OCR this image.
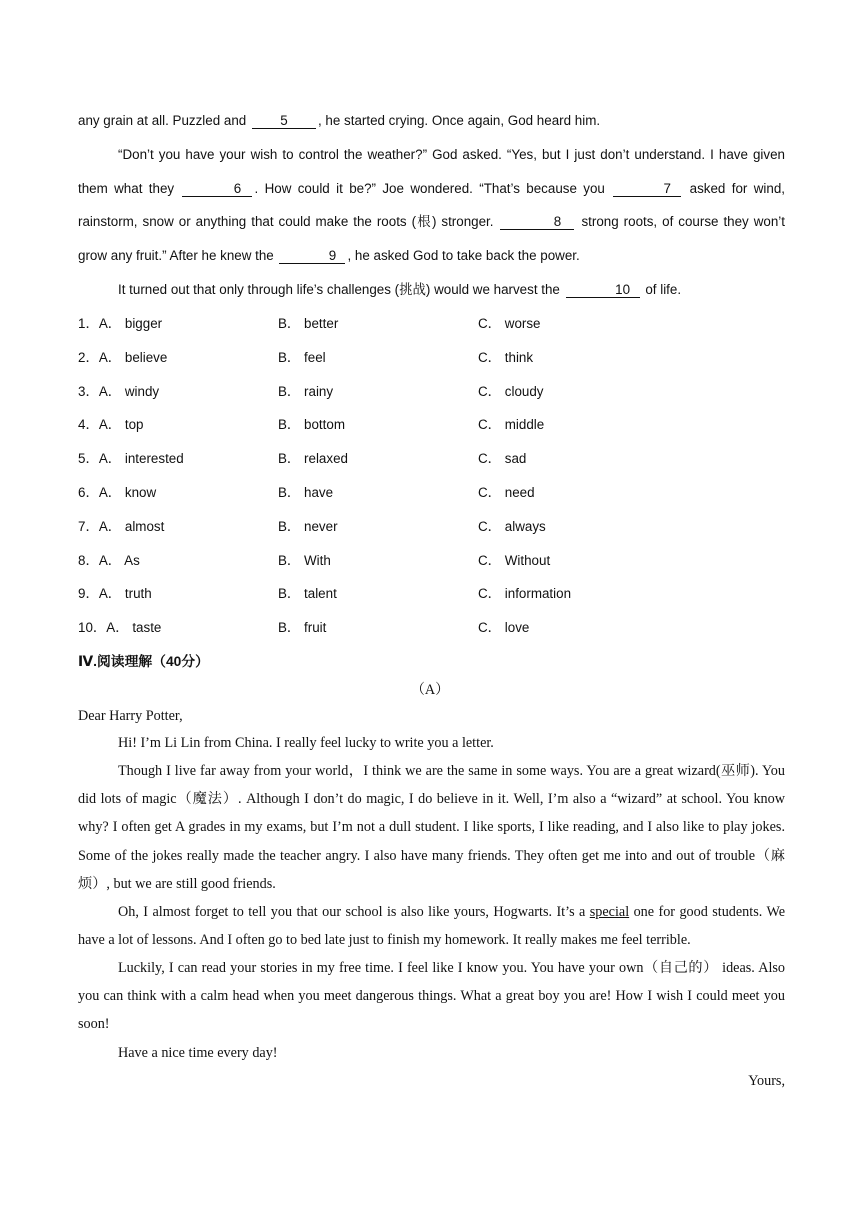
any grain at all. Puzzled and 5 , he started crying. Once again, God heard him.

“Don’t you have your wish to control the weather?” God asked. “Yes, but I just don’t understand. I have given them what they	6 . How could it be?” Joe wondered. “That’s because you	7 asked for wind, rainstorm, snow or anything that could make the roots (根) stronger.	8 strong roots, of course they won’t grow any fruit.” After he knew the	9 , he asked God to take back the power.

It turned out that only through life’s challenges (挑战) would we harvest the	10 of life.

1．A． bigger	B． better	C． worse
2．A． believe	B． feel	C． think
3．A． windy	B． rainy	C． cloudy
4．A． top	B． bottom	C． middle
5．A． interested	B． relaxed	C． sad
6．A． know	B． have	C． need
7．A． almost	B． never	C． always
8．A． As	B． With	C． Without
9．A． truth	B． talent	C． information
10．A． taste	B． fruit	C． love
Ⅳ.阅读理解（40分）
（A）
Dear Harry Potter,

Hi! I’m Li Lin from China. I really feel lucky to write you a letter.

Though I live far away from your world，I think we are the same in some ways. You are a great wizard(巫师). You did lots of magic（魔法）. Although I don’t do magic, I do believe in it. Well, I’m also a “wizard” at school. You know why? I often get A grades in my exams, but I’m not a dull student. I like sports, I like reading, and I also like to play jokes. Some of the jokes really made the teacher angry. I also have many friends. They often get me into and out of trouble（麻烦）, but we are still good friends.

Oh, I almost forget to tell you that our school is also like yours, Hogwarts. It’s a special one for good students. We have a lot of lessons. And I often go to bed late just to finish my homework. It really makes me feel terrible.

Luckily, I can read your stories in my free time. I feel like I know you. You have your own（自己的） ideas. Also you can think with a calm head when you meet dangerous things. What a great boy you are! How I wish I could meet you soon!

Have a nice time every day!

Yours,
